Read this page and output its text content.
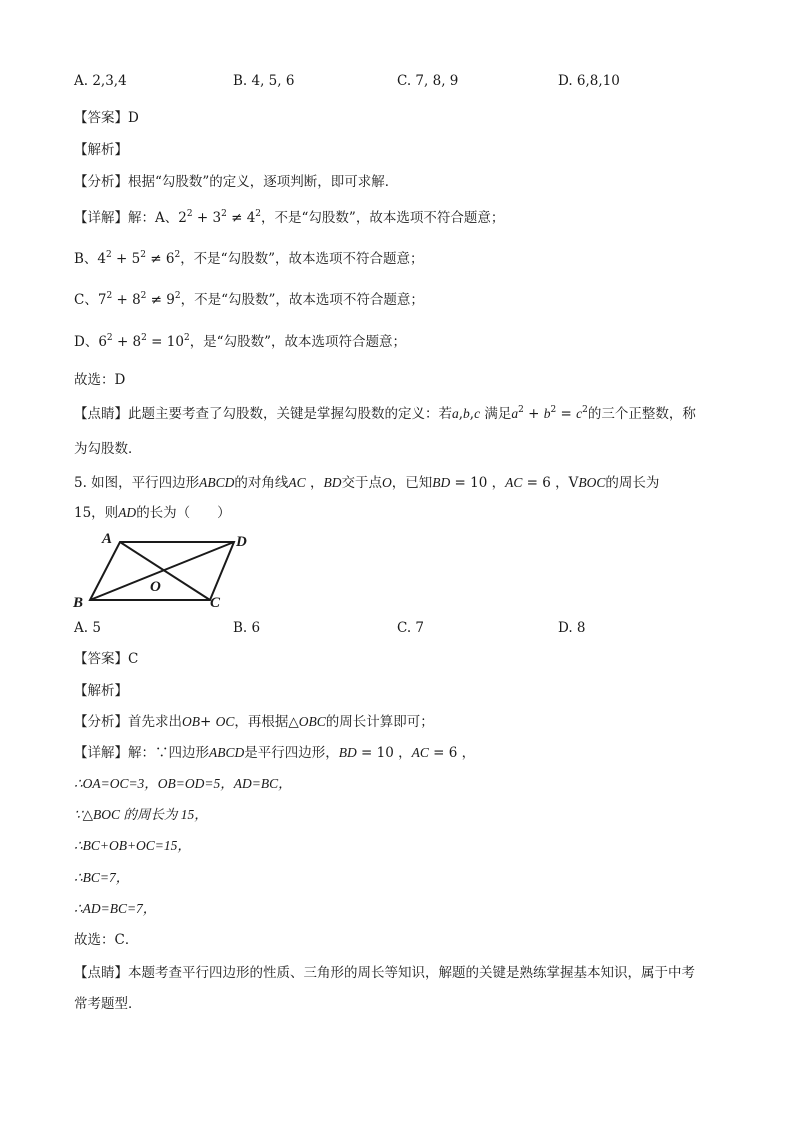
A. 2,3,4	B. 4, 5, 6	C. 7, 8, 9	D. 6,8,10
【答案】D
【解析】
【分析】根据“勾股数”的定义，逐项判断，即可求解．
【详解】解：A、$2^2 + 3^2 \ne 4^2$，不是“勾股数”，故本选项不符合题意；
B、$4^2 + 5^2 \ne 6^2$，不是“勾股数”，故本选项不符合题意；
C、$7^2 + 8^2 \ne 9^2$，不是“勾股数”，故本选项不符合题意；
D、$6^2 + 8^2 = 10^2$，是“勾股数”，故本选项符合题意；
故选：D
【点睛】此题主要考查了勾股数，关键是掌握勾股数的定义：若a,b,c 满足$a^2 + b^2 = c^2$的三个正整数，称
为勾股数．
5. 如图，平行四边形ABCD的对角线AC ，BD交于点O，已知BD = 10 ，AC = 6 ，VBOC的周长为
15，则AD的长为（　　）
A	D
B	C
O
A. 5	B. 6	C. 7	D. 8
【答案】C
【解析】
【分析】首先求出OB+ OC，再根据△OBC的周长计算即可；
【详解】解：∵四边形ABCD是平行四边形，BD = 10 ，AC = 6 ，
∴OA=OC=3，OB=OD=5，AD=BC，
∵△BOC 的周长为 15，
∴BC+OB+OC=15，
∴BC=7，
∴AD=BC=7，
故选：C．
【点睛】本题考查平行四边形的性质、三角形的周长等知识，解题的关键是熟练掌握基本知识，属于中考
常考题型．
